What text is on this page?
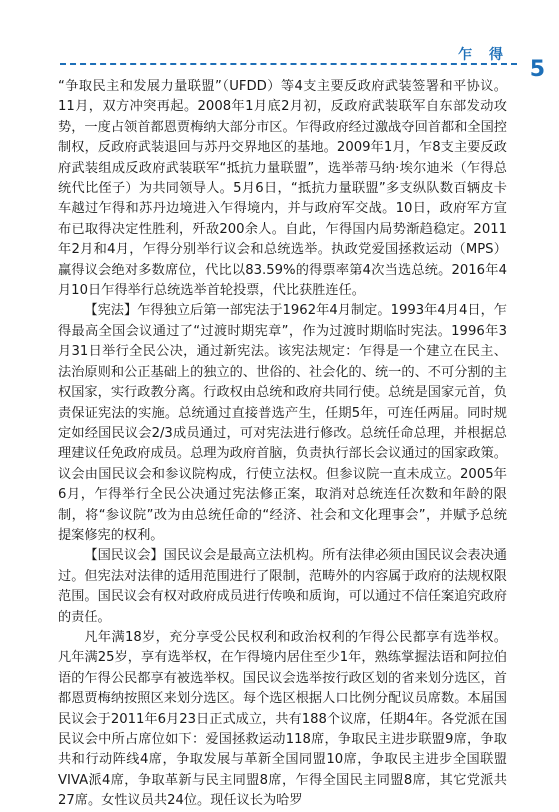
乍 得
5

“争取民主和发展力量联盟”（UFDD）等4支主要反政府武装签署和平协议。11月，双方冲突再起。2008年1月底2月初，反政府武装联军自东部发动攻势，一度占领首都恩贾梅纳大部分市区。乍得政府经过激战夺回首都和全国控制权，反政府武装退回与苏丹交界地区的基地。2009年1月，乍8支主要反政府武装组成反政府武装联军“抵抗力量联盟”，选举蒂马纳·埃尔迪米（乍得总统代比侄子）为共同领导人。5月6日，“抵抗力量联盟”多支纵队数百辆皮卡车越过乍得和苏丹边境进入乍得境内，并与政府军交战。10日，政府军方宣布已取得决定性胜利，歼敌200余人。自此，乍得国内局势渐趋稳定。2011年2月和4月，乍得分别举行议会和总统选举。执政党爱国拯救运动（MPS）赢得议会绝对多数席位，代比以83.59%的得票率第4次当选总统。2016年4月10日乍得举行总统选举首轮投票，代比获胜连任。

【宪法】乍得独立后第一部宪法于1962年4月制定。1993年4月4日，乍得最高全国会议通过了“过渡时期宪章”，作为过渡时期临时宪法。1996年3月31日举行全民公决，通过新宪法。该宪法规定：乍得是一个建立在民主、法治原则和公正基础上的独立的、世俗的、社会化的、统一的、不可分割的主权国家，实行政教分离。行政权由总统和政府共同行使。总统是国家元首，负责保证宪法的实施。总统通过直接普选产生，任期5年，可连任两届。同时规定如经国民议会2/3成员通过，可对宪法进行修改。总统任命总理，并根据总理建议任免政府成员。总理为政府首脑，负责执行部长会议通过的国家政策。议会由国民议会和参议院构成，行使立法权。但参议院一直未成立。2005年6月，乍得举行全民公决通过宪法修正案，取消对总统连任次数和年龄的限制，将“参议院”改为由总统任命的“经济、社会和文化理事会”，并赋予总统提案修宪的权利。

【国民议会】国民议会是最高立法机构。所有法律必须由国民议会表决通过。但宪法对法律的适用范围进行了限制，范畴外的内容属于政府的法规权限范围。国民议会有权对政府成员进行传唤和质询，可以通过不信任案追究政府的责任。

凡年满18岁，充分享受公民权利和政治权利的乍得公民都享有选举权。凡年满25岁，享有选举权，在乍得境内居住至少1年，熟练掌握法语和阿拉伯语的乍得公民都享有被选举权。国民议会选举按行政区划的省来划分选区，首都恩贾梅纳按照区来划分选区。每个选区根据人口比例分配议员席数。本届国民议会于2011年6月23日正式成立，共有188个议席，任期4年。各党派在国民议会中所占席位如下：爱国拯救运动118席，争取民主进步联盟9席，争取共和行动阵线4席，争取发展与革新全国同盟10席，争取民主进步全国联盟VIVA派4席，争取革新与民主同盟8席，乍得全国民主同盟8席，其它党派共27席。女性议员共24位。现任议长为哈罗
